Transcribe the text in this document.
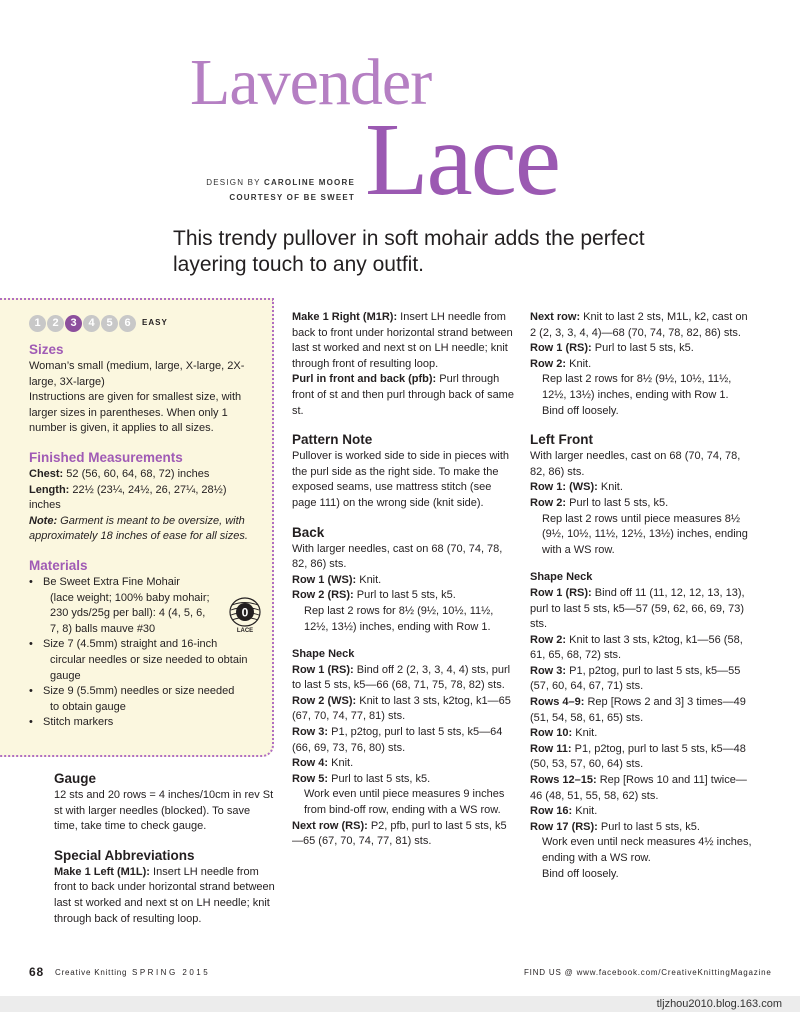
Lavender
Lace
DESIGN BY CAROLINE MOORE
COURTESY OF BE SWEET
This trendy pullover in soft mohair adds the perfect layering touch to any outfit.
1	2	3	4	5	6	EASY
Sizes

Woman’s small (medium, large, X-large, 2X-large, 3X-large)

Instructions are given for smallest size, with larger sizes in parentheses. When only 1 number is given, it applies to all sizes.

Finished Measurements

Chest: 52 (56, 60, 64, 68, 72) inches

Length: 22½ (23¼, 24½, 26, 27¼, 28½) inches

Note: Garment is meant to be oversize, with approximately 18 inches of ease for all sizes.

Materials
• Be Sweet Extra Fine Mohair
(lace weight; 100% baby mohair; 230 yds/25g per ball): 4 (4, 5, 6, 7, 8) balls mauve #30
• Size 7 (4.5mm) straight and 16-inch
circular needles or size needed to obtain gauge
• Size 9 (5.5mm) needles or size needed
to obtain gauge
• Stitch markers
0
LACE
Gauge

12 sts and 20 rows = 4 inches/10cm in rev St st with larger needles (blocked). To save time, take time to check gauge.

Special Abbreviations

Make 1 Left (M1L): Insert LH needle from front to back under horizontal strand between last st worked and next st on LH needle; knit through back of resulting loop.

Make 1 Right (M1R): Insert LH needle from back to front under horizontal strand between last st worked and next st on LH needle; knit through front of resulting loop.

Purl in front and back (pfb): Purl through front of st and then purl through back of same st.

Pattern Note

Pullover is worked side to side in pieces with the purl side as the right side. To make the exposed seams, use mattress stitch (see page 111) on the wrong side (knit side).

Back

With larger needles, cast on 68 (70, 74, 78, 82, 86) sts.

Row 1 (WS): Knit.

Row 2 (RS): Purl to last 5 sts, k5.

Rep last 2 rows for 8½ (9½, 10½, 11½, 12½, 13½) inches, ending with Row 1.

Shape Neck

Row 1 (RS): Bind off 2 (2, 3, 3, 4, 4) sts, purl to last 5 sts, k5—66 (68, 71, 75, 78, 82) sts.

Row 2 (WS): Knit to last 3 sts, k2tog, k1—65 (67, 70, 74, 77, 81) sts.

Row 3: P1, p2tog, purl to last 5 sts, k5—64 (66, 69, 73, 76, 80) sts.

Row 4: Knit.

Row 5: Purl to last 5 sts, k5.

Work even until piece measures 9 inches from bind-off row, ending with a WS row.

Next row (RS): P2, pfb, purl to last 5 sts, k5—65 (67, 70, 74, 77, 81) sts.

Next row: Knit to last 2 sts, M1L, k2, cast on 2 (2, 3, 3, 4, 4)—68 (70, 74, 78, 82, 86) sts.

Row 1 (RS): Purl to last 5 sts, k5.

Row 2: Knit.

Rep last 2 rows for 8½ (9½, 10½, 11½, 12½, 13½) inches, ending with Row 1.

Bind off loosely.

Left Front

With larger needles, cast on 68 (70, 74, 78, 82, 86) sts.

Row 1: (WS): Knit.

Row 2: Purl to last 5 sts, k5.

Rep last 2 rows until piece measures 8½ (9½, 10½, 11½, 12½, 13½) inches, ending with a WS row.

Shape Neck

Row 1 (RS): Bind off 11 (11, 12, 12, 13, 13), purl to last 5 sts, k5—57 (59, 62, 66, 69, 73) sts.

Row 2: Knit to last 3 sts, k2tog, k1—56 (58, 61, 65, 68, 72) sts.

Row 3: P1, p2tog, purl to last 5 sts, k5—55 (57, 60, 64, 67, 71) sts.

Rows 4–9: Rep [Rows 2 and 3] 3 times—49 (51, 54, 58, 61, 65) sts.

Row 10: Knit.

Row 11: P1, p2tog, purl to last 5 sts, k5—48 (50, 53, 57, 60, 64) sts.

Rows 12–15: Rep [Rows 10 and 11] twice—46 (48, 51, 55, 58, 62) sts.

Row 16: Knit.

Row 17 (RS): Purl to last 5 sts, k5.

Work even until neck measures 4½ inches, ending with a WS row.

Bind off loosely.

68 Creative Knitting SPRING 2015	FIND US @ www.facebook.com/CreativeKnittingMagazine
tljzhou2010.blog.163.com
